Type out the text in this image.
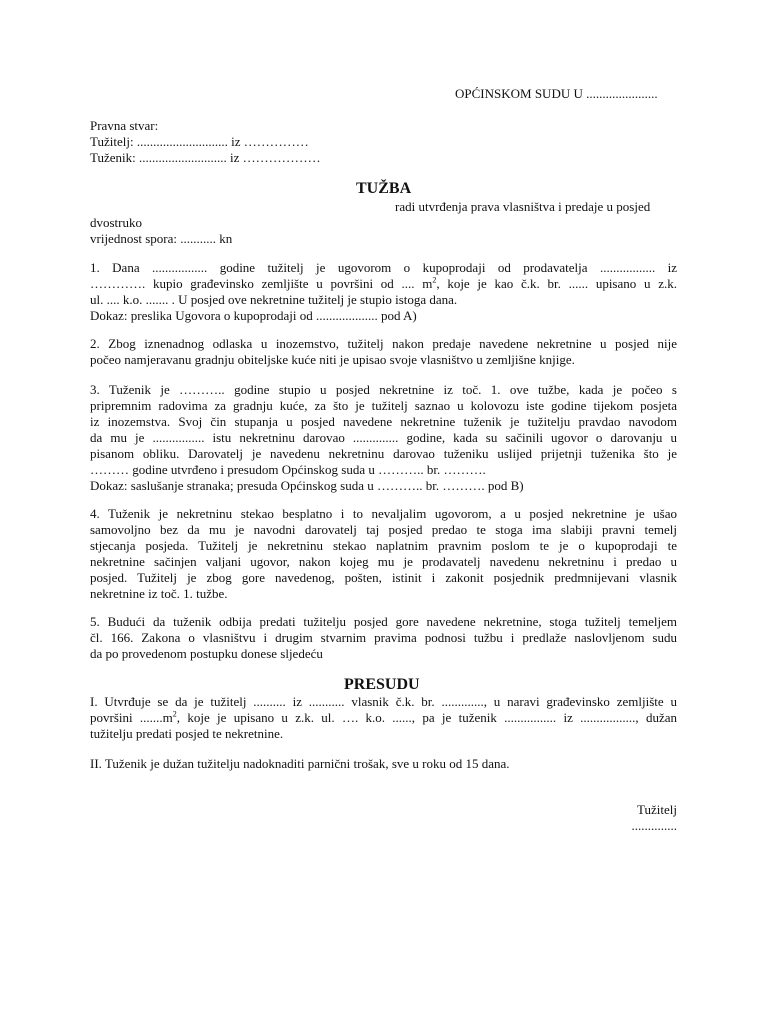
OPĆINSKOM SUDU U ......................
Pravna stvar:
Tužitelj: ............................ iz ……………
Tuženik: ........................... iz ………………
TUŽBA
radi utvrđenja prava vlasništva i predaje u posjed
dvostruko
vrijednost spora: ........... kn
1. Dana ................. godine tužitelj je ugovorom o kupoprodaji od prodavatelja ................. iz
…………. kupio građevinsko zemljište u površini od .... $m^2$, koje je kao č.k. br. ...... upisano u z.k.
ul. .... k.o. ....... . U posjed ove nekretnine tužitelj je stupio istoga dana.
Dokaz: preslika Ugovora o kupoprodaji od ................... pod A)
2. Zbog iznenadnog odlaska u inozemstvo, tužitelj nakon predaje navedene nekretnine u posjed nije
počeo namjeravanu gradnju obiteljske kuće niti je upisao svoje vlasništvo u zemljišne knjige.
3. Tuženik je ……….. godine stupio u posjed nekretnine iz toč. 1. ove tužbe, kada je počeo s
pripremnim radovima za gradnju kuće, za što je tužitelj saznao u kolovozu iste godine tijekom posjeta
iz inozemstva. Svoj čin stupanja u posjed navedene nekretnine tuženik je tužitelju pravdao navodom
da mu je ................ istu nekretninu darovao .............. godine, kada su sačinili ugovor o darovanju u
pisanom obliku. Darovatelj je navedenu nekretninu darovao tuženiku uslijed prijetnji tuženika što je
……… godine utvrđeno i presudom Općinskog suda u ……….. br. ……….
Dokaz: saslušanje stranaka; presuda Općinskog suda u ……….. br. ………. pod B)
4. Tuženik je nekretninu stekao besplatno i to nevaljalim ugovorom, a u posjed nekretnine je ušao
samovoljno bez da mu je navodni darovatelj taj posjed predao te stoga ima slabiji pravni temelj
stjecanja posjeda. Tužitelj je nekretninu stekao naplatnim pravnim poslom te je o kupoprodaji te
nekretnine sačinjen valjani ugovor, nakon kojeg mu je prodavatelj navedenu nekretninu i predao u
posjed. Tužitelj je zbog gore navedenog, pošten, istinit i zakonit posjednik predmnijevani vlasnik
nekretnine iz toč. 1. tužbe.
5. Budući da tuženik odbija predati tužitelju posjed gore navedene nekretnine, stoga tužitelj temeljem
čl. 166. Zakona o vlasništvu i drugim stvarnim pravima podnosi tužbu i predlaže naslovljenom sudu
da po provedenom postupku donese sljedeću
PRESUDU
I. Utvrđuje se da je tužitelj .......... iz ........... vlasnik č.k. br. ............., u naravi građevinsko zemljište u
površini $.......m^2$, koje je upisano u z.k. ul. …. k.o. ......, pa je tuženik ................ iz ................., dužan
tužitelju predati posjed te nekretnine.
II. Tuženik je dužan tužitelju nadoknaditi parnični trošak, sve u roku od 15 dana.
Tužitelj
..............
